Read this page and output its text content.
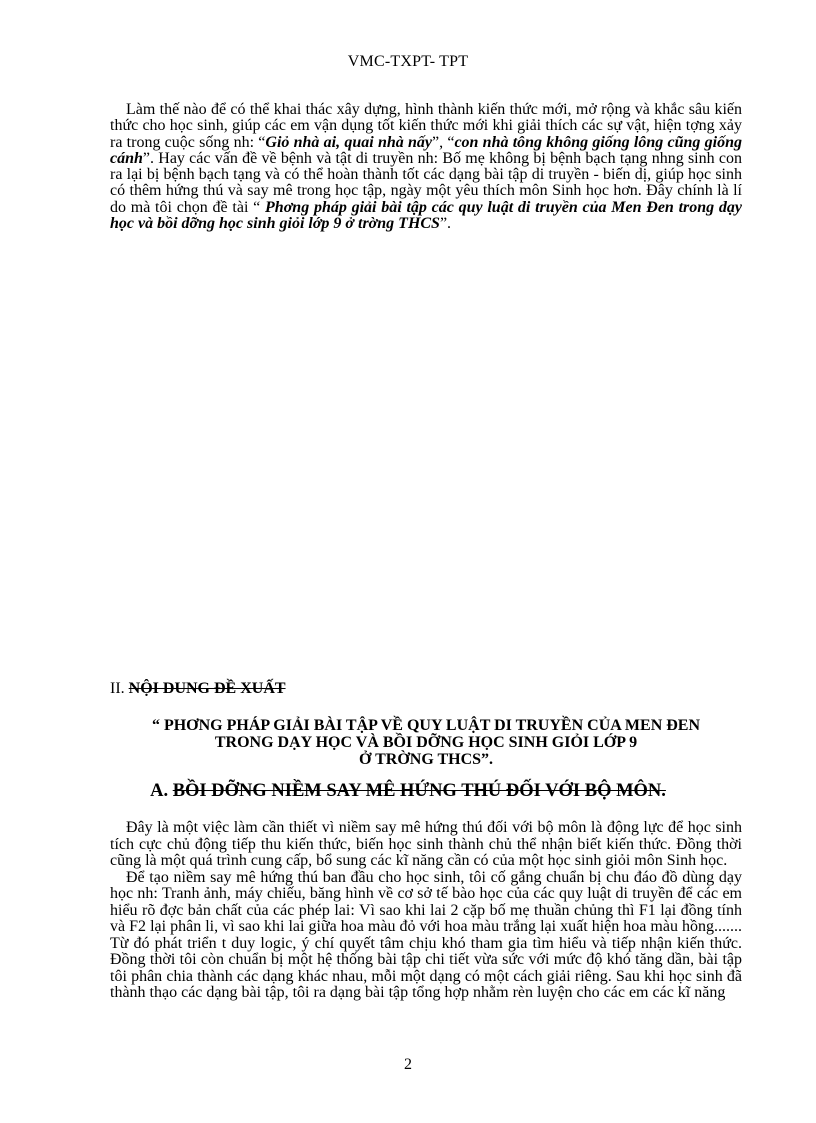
VMC-TXPT- TPT

Làm thế nào để có thể khai thác xây dựng, hình thành kiến thức mới, mở rộng và khắc sâu kiến thức cho học sinh, giúp các em vận dụng tốt kiến thức mới khi giải thích các sự vật, hiện tợng xảy ra trong cuộc sống nh: “Giỏ nhà ai, quai nhà nấy”, “con nhà tông không giống lông cũng giống cánh”. Hay các vấn đề về bệnh và tật di truyền nh: Bố mẹ không bị bệnh bạch tạng nhng sinh con ra lại bị bệnh bạch tạng và có thể hoàn thành tốt các dạng bài tập di truyền - biến dị, giúp học sinh có thêm hứng thú và say mê trong học tập, ngày một yêu thích môn Sinh học hơn. Đây chính là lí do mà tôi chọn đề tài “ Phơng pháp giải bài tập các quy luật di truyền của Men Đen trong dạy học và bồi dỡng học sinh giỏi lớp 9 ở trờng THCS”.

II. NỘI DUNG ĐỀ XUẤT
“ PHƠNG PHÁP GIẢI BÀI TẬP VỀ QUY LUẬT DI TRUYỀN CỦA MEN ĐEN
TRONG DẠY HỌC VÀ BỒI DỠNG HỌC SINH GIỎI LỚP 9
Ở TRỜNG THCS”.
A. BỒI DỠNG NIỀM SAY MÊ HỨNG THÚ ĐỐI VỚI BỘ MÔN.

Đây là một việc làm cần thiết vì niềm say mê hứng thú đối với bộ môn là động lực để học sinh tích cực chủ động tiếp thu kiến thức, biến học sinh thành chủ thể nhận biết kiến thức. Đồng thời cũng là một quá trình cung cấp, bổ sung các kĩ năng cần có của một học sinh giỏi môn Sinh học.

Để tạo niềm say mê hứng thú ban đầu cho học sinh, tôi cố gắng chuẩn bị chu đáo đồ dùng dạy học nh: Tranh ảnh, máy chiếu, băng hình về cơ sở tế bào học của các quy luật di truyền để các em hiểu rõ đợc bản chất của các phép lai: Vì sao khi lai 2 cặp bố mẹ thuần chủng thì F1 lại đồng tính và F2 lại phân li, vì sao khi lai giữa hoa màu đỏ với hoa màu trắng lại xuất hiện hoa màu hồng....... Từ đó phát triển t duy logic, ý chí quyết tâm chịu khó tham gia tìm hiểu và tiếp nhận kiến thức. Đồng thời tôi còn chuẩn bị một hệ thống bài tập chi tiết vừa sức với mức độ khó tăng dần, bài tập tôi phân chia thành các dạng khác nhau, mỗi một dạng có một cách giải riêng. Sau khi học sinh đã thành thạo các dạng bài tập, tôi ra dạng bài tập tổng hợp nhằm rèn luyện cho các em các kĩ năng

2
